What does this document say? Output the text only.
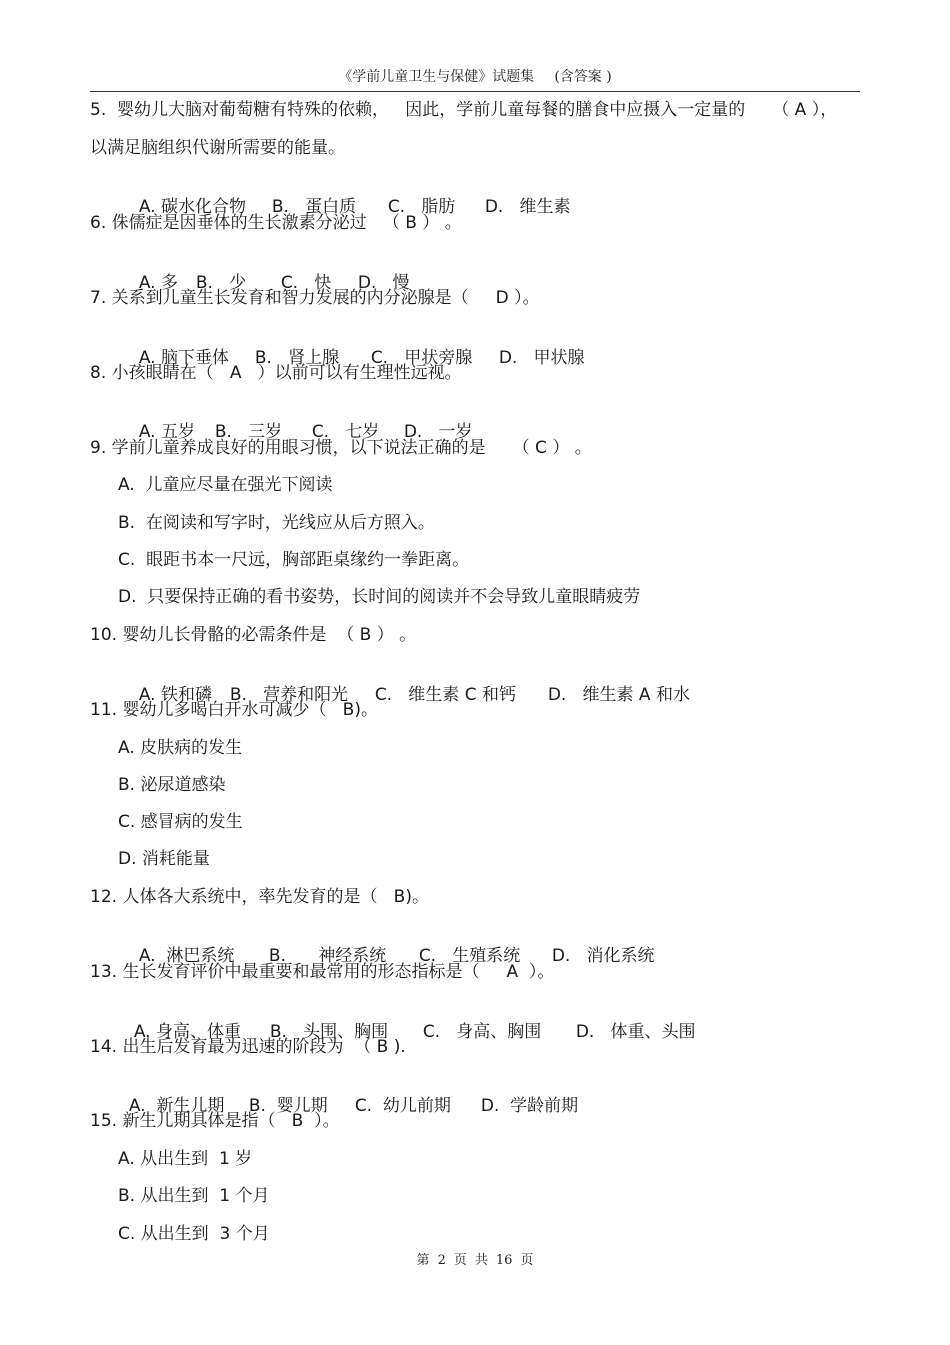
《学前儿童卫生与保健》试题集 (含答案 )
5.  婴幼儿大脑对葡萄糖有特殊的依赖，   因此，学前儿童每餐的膳食中应摄入一定量的     （ A ），
以满足脑组织代谢所需要的能量。

A. 碳水化合物 B.   蛋白质 C.   脂肪 D.   维生素

6. 侏儒症是因垂体的生长激素分泌过   （ B ） 。

A. 多 B.   少 C.   快 D.   慢

7. 关系到儿童生长发育和智力发展的内分泌腺是（     D ）。

A. 脑下垂体 B.   肾上腺 C.   甲状旁腺 D.   甲状腺

8. 小孩眼睛在（   A   ）以前可以有生理性远视。

A. 五岁 B.   三岁 C.   七岁 D.   一岁

9. 学前儿童养成良好的用眼习惯，以下说法正确的是     （ C ） 。
A.  儿童应尽量在强光下阅读
B.  在阅读和写字时，光线应从后方照入。
C.  眼距书本一尺远，胸部距桌缘约一拳距离。
D.  只要保持正确的看书姿势，长时间的阅读并不会导致儿童眼睛疲劳
10. 婴幼儿长骨骼的必需条件是  （ B ） 。

A. 铁和磷 B.   营养和阳光 C.   维生素 C 和钙 D.   维生素 A 和水

11. 婴幼儿多喝白开水可减少（   B)。
A. 皮肤病的发生
B. 泌尿道感染
C. 感冒病的发生
D. 消耗能量
12. 人体各大系统中，率先发育的是（   B)。

A.  淋巴系统 B.      神经系统 C.   生殖系统 D.   消化系统

13. 生长发育评价中最重要和最常用的形态指标是（     A  ）。

A. 身高、体重 B.   头围、胸围 C.   身高、胸围 D.   体重、头围

14. 出生后发育最为迅速的阶段为  （ B ).

A.  新生儿期 B.  婴儿期 C.  幼儿前期 D.  学龄前期

15. 新生儿期具体是指（   B  ）。
A. 从出生到  1 岁
B. 从出生到  1 个月
C. 从出生到  3 个月
第 2 页 共 16 页
